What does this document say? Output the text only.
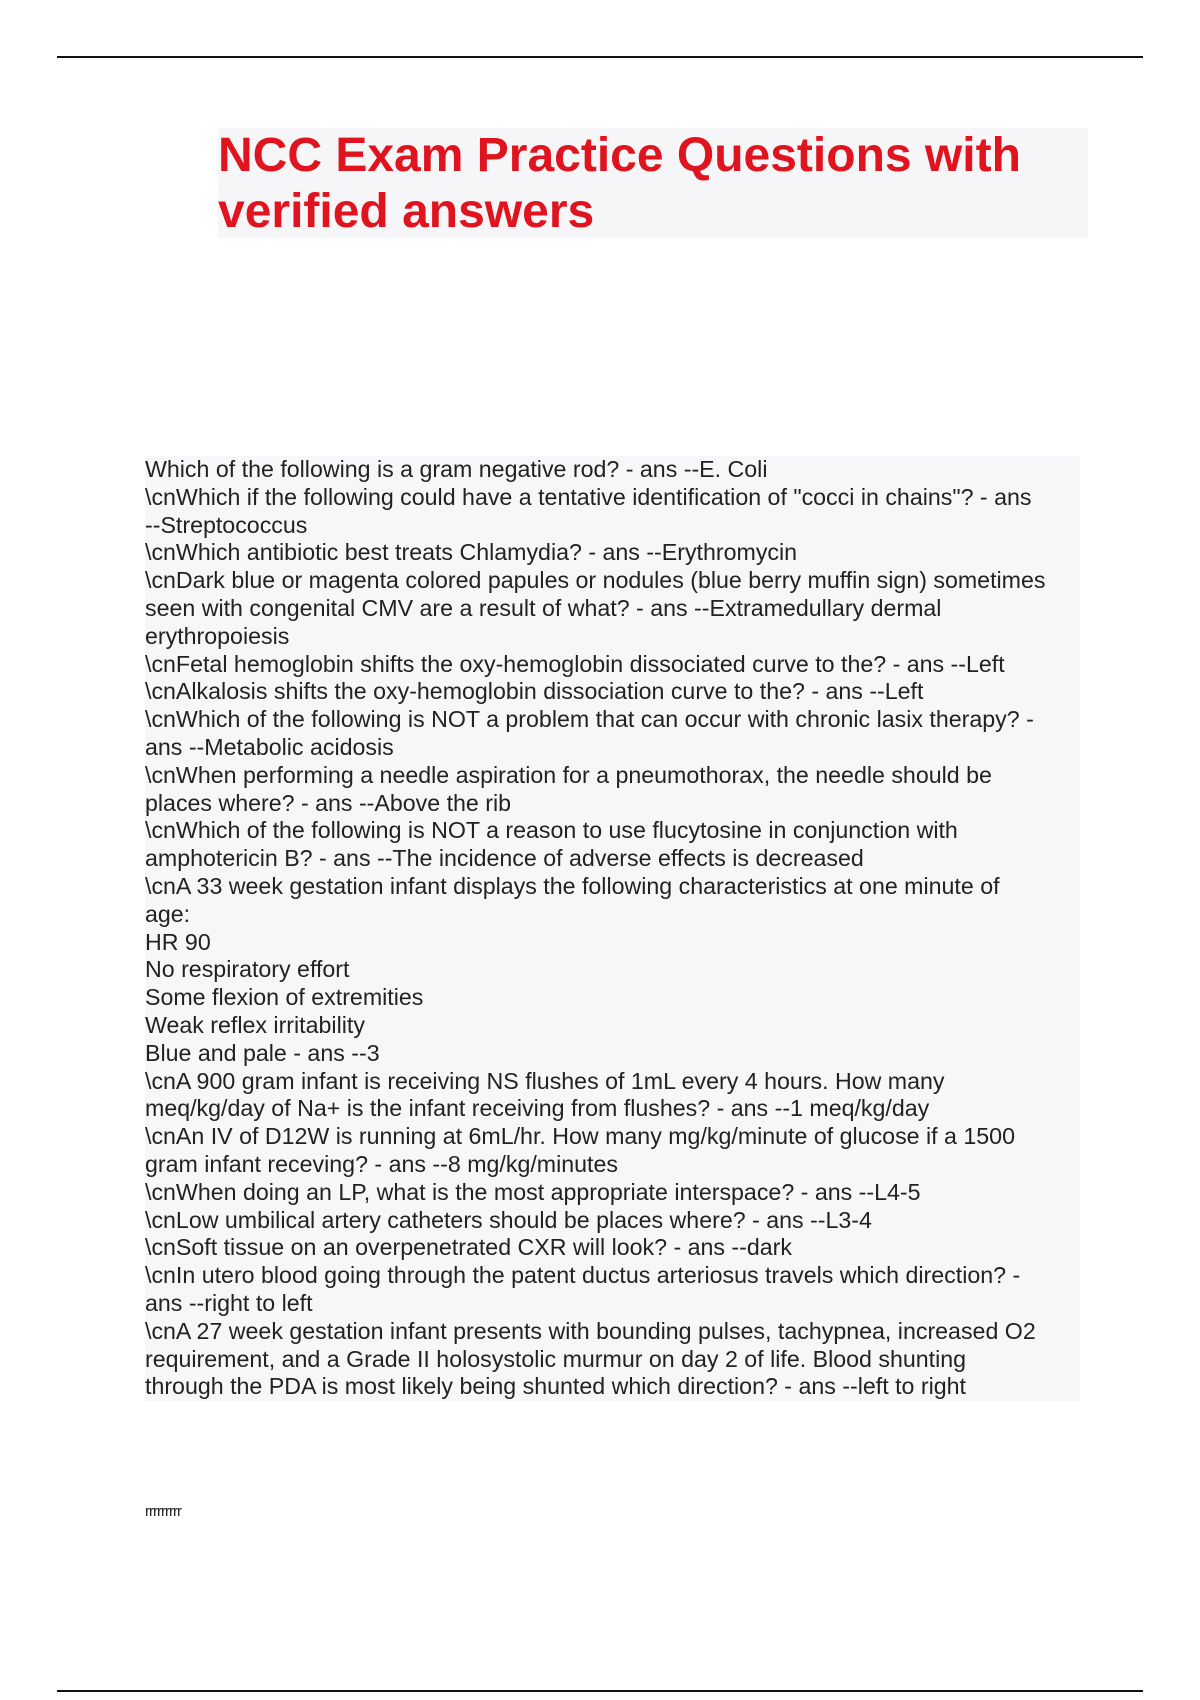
NCC Exam Practice Questions with
verified answers
Which of the following is a gram negative rod? - ans --E. Coli
\cnWhich if the following could have a tentative identification of "cocci in chains"? - ans
--Streptococcus
\cnWhich antibiotic best treats Chlamydia? - ans --Erythromycin
\cnDark blue or magenta colored papules or nodules (blue berry muffin sign) sometimes
seen with congenital CMV are a result of what? - ans --Extramedullary dermal
erythropoiesis
\cnFetal hemoglobin shifts the oxy-hemoglobin dissociated curve to the? - ans --Left
\cnAlkalosis shifts the oxy-hemoglobin dissociation curve to the? - ans --Left
\cnWhich of the following is NOT a problem that can occur with chronic lasix therapy? -
ans --Metabolic acidosis
\cnWhen performing a needle aspiration for a pneumothorax, the needle should be
places where? - ans --Above the rib
\cnWhich of the following is NOT a reason to use flucytosine in conjunction with
amphotericin B? - ans --The incidence of adverse effects is decreased
\cnA 33 week gestation infant displays the following characteristics at one minute of
age:
HR 90
No respiratory effort
Some flexion of extremities
Weak reflex irritability
Blue and pale - ans --3
\cnA 900 gram infant is receiving NS flushes of 1mL every 4 hours. How many
meq/kg/day of Na+ is the infant receiving from flushes? - ans --1 meq/kg/day
\cnAn IV of D12W is running at 6mL/hr. How many mg/kg/minute of glucose if a 1500
gram infant receving? - ans --8 mg/kg/minutes
\cnWhen doing an LP, what is the most appropriate interspace? - ans --L4-5
\cnLow umbilical artery catheters should be places where? - ans --L3-4
\cnSoft tissue on an overpenetrated CXR will look? - ans --dark
\cnIn utero blood going through the patent ductus arteriosus travels which direction? -
ans --right to left
\cnA 27 week gestation infant presents with bounding pulses, tachypnea, increased O2
requirement, and a Grade II holosystolic murmur on day 2 of life. Blood shunting
through the PDA is most likely being shunted which direction? - ans --left to right
rrrrrrrrr
